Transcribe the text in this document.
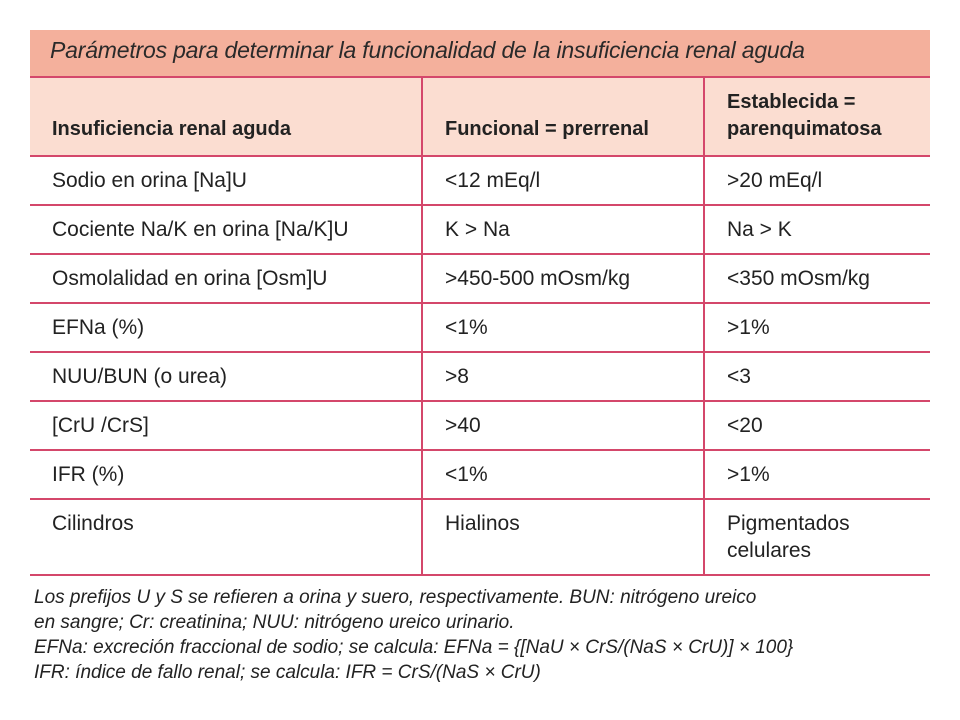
Parámetros para determinar la funcionalidad de la insuficiencia renal aguda
Insuficiencia renal aguda	Funcional = prerrenal	Establecida = parenquimatosa
Sodio en orina [Na]U	<12 mEq/l	>20 mEq/l
Cociente Na/K en orina [Na/K]U	K > Na	Na > K
Osmolalidad en orina [Osm]U	>450-500 mOsm/kg	<350 mOsm/kg
EFNa (%)	<1%	>1%
NUU/BUN (o urea)	>8	<3
[CrU /CrS]	>40	<20
IFR (%)	<1%	>1%
Cilindros	Hialinos	Pigmentados celulares
Los prefijos U y S se refieren a orina y suero, respectivamente. BUN: nitrógeno ureico
en sangre; Cr: creatinina; NUU: nitrógeno ureico urinario.
EFNa: excreción fraccional de sodio; se calcula: EFNa = {[NaU × CrS/(NaS × CrU)] × 100}
IFR: índice de fallo renal; se calcula: IFR = CrS/(NaS × CrU)
